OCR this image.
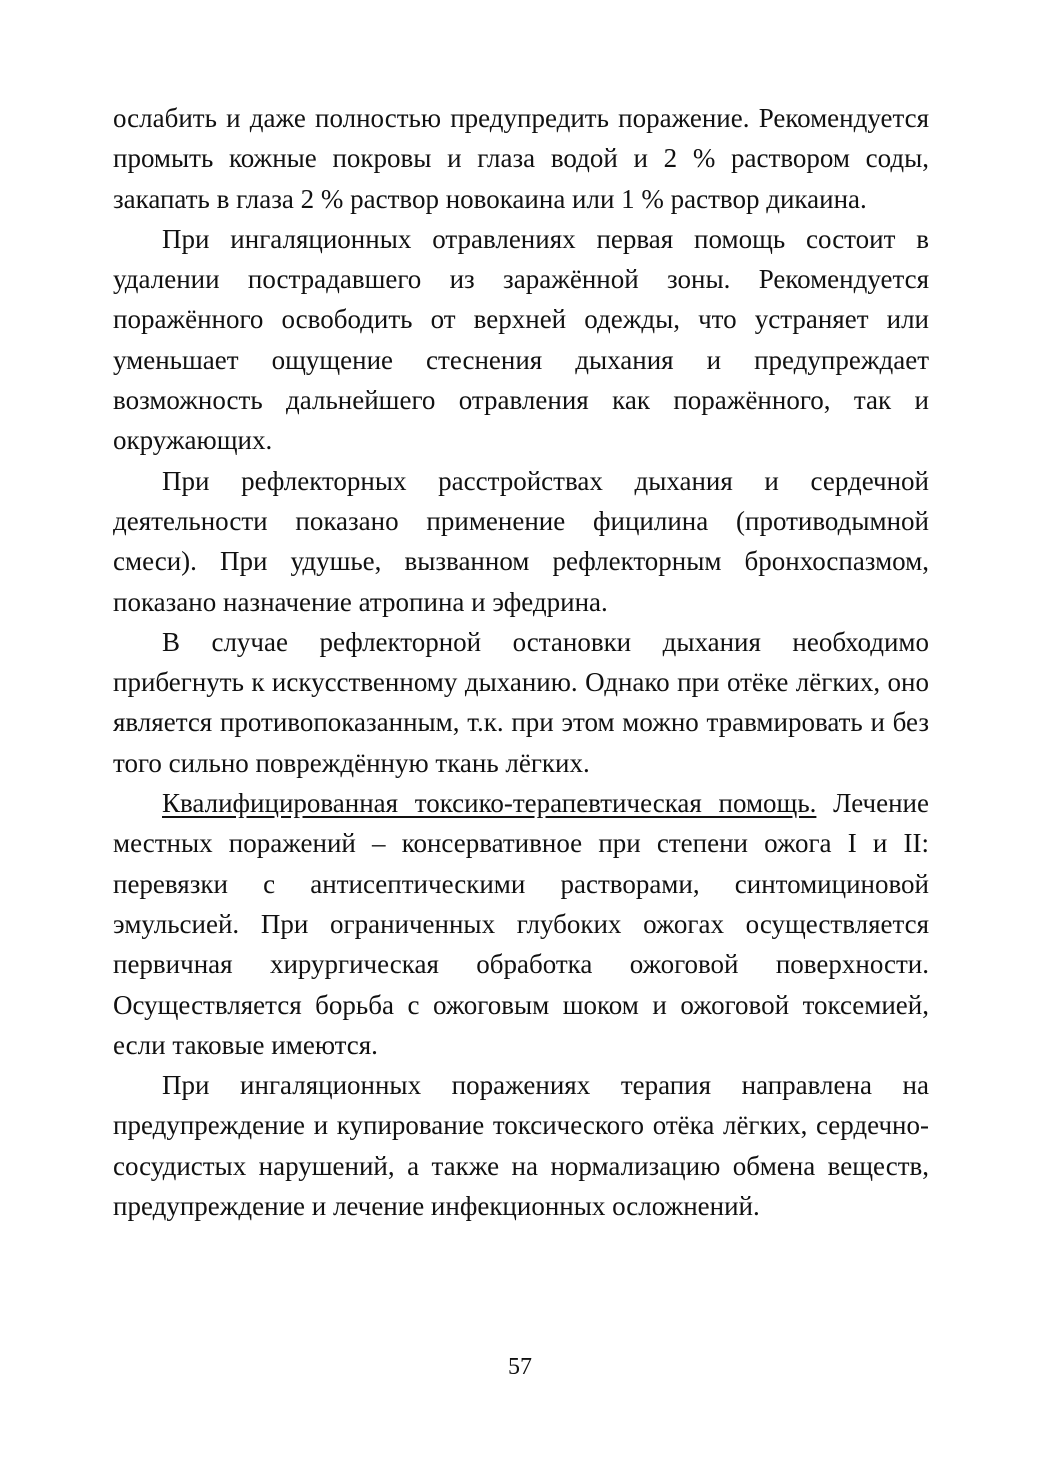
ослабить и даже полностью предупредить поражение. Рекомендуется промыть кожные покровы и глаза водой и 2 % раствором соды, закапать в глаза 2 % раствор новокаина или 1 % раствор дикаина.

При ингаляционных отравлениях первая помощь состоит в удалении пострадавшего из заражённой зоны. Рекомендуется поражённого освободить от верхней одежды, что устраняет или уменьшает ощущение стеснения дыхания и предупреждает возможность дальнейшего отравления как поражённого, так и окружающих.

При рефлекторных расстройствах дыхания и сердечной деятельности показано применение фицилина (противодымной смеси). При удушье, вызванном рефлекторным бронхоспазмом, показано назначение атропина и эфедрина.

В случае рефлекторной остановки дыхания необходимо прибегнуть к искусственному дыханию. Однако при отёке лёгких, оно является противопоказанным, т.к. при этом можно травмировать и без того сильно повреждённую ткань лёгких.

Квалифицированная токсико-терапевтическая помощь. Лечение местных поражений – консервативное при степени ожога I и II: перевязки с антисептическими растворами, синтомициновой эмульсией. При ограниченных глубоких ожогах осуществляется первичная хирургическая обработка ожоговой поверхности. Осуществляется борьба с ожоговым шоком и ожоговой токсемией, если таковые имеются.

При ингаляционных поражениях терапия направлена на предупреждение и купирование токсического отёка лёгких, сердечно-сосудистых нарушений, а также на нормализацию обмена веществ, предупреждение и лечение инфекционных осложнений.

57
